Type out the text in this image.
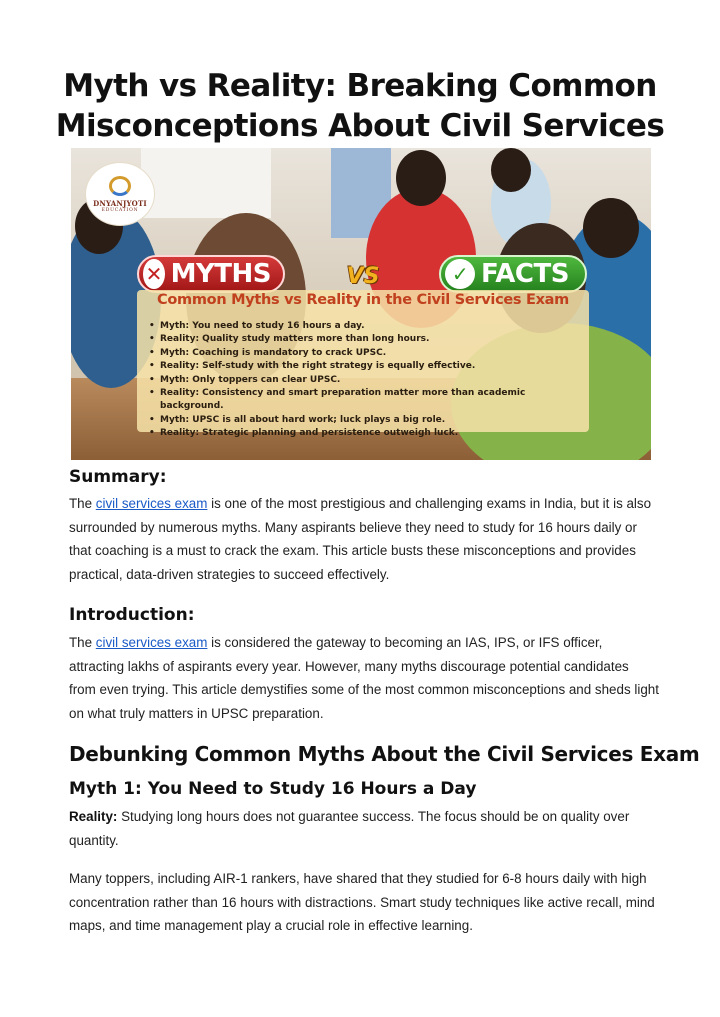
Myth vs Reality: Breaking Common Misconceptions About Civil Services
DNYANJYOTI
EDUCATION
✕ MYTHS	VS	✓ FACTS
Common Myths vs Reality in the Civil Services Exam
• Myth: You need to study 16 hours a day.
• Reality: Quality study matters more than long hours.
• Myth: Coaching is mandatory to crack UPSC.
• Reality: Self-study with the right strategy is equally effective.
• Myth: Only toppers can clear UPSC.
• Reality: Consistency and smart preparation matter more than academic background.
• Myth: UPSC is all about hard work; luck plays a big role.
• Reality: Strategic planning and persistence outweigh luck.
Summary:

The civil services exam is one of the most prestigious and challenging exams in India, but it is also surrounded by numerous myths. Many aspirants believe they need to study for 16 hours daily or that coaching is a must to crack the exam. This article busts these misconceptions and provides practical, data-driven strategies to succeed effectively.

Introduction:

The civil services exam is considered the gateway to becoming an IAS, IPS, or IFS officer, attracting lakhs of aspirants every year. However, many myths discourage potential candidates from even trying. This article demystifies some of the most common misconceptions and sheds light on what truly matters in UPSC preparation.

Debunking Common Myths About the Civil Services Exam
Myth 1: You Need to Study 16 Hours a Day

Reality: Studying long hours does not guarantee success. The focus should be on quality over quantity.

Many toppers, including AIR-1 rankers, have shared that they studied for 6-8 hours daily with high concentration rather than 16 hours with distractions. Smart study techniques like active recall, mind maps, and time management play a crucial role in effective learning.
